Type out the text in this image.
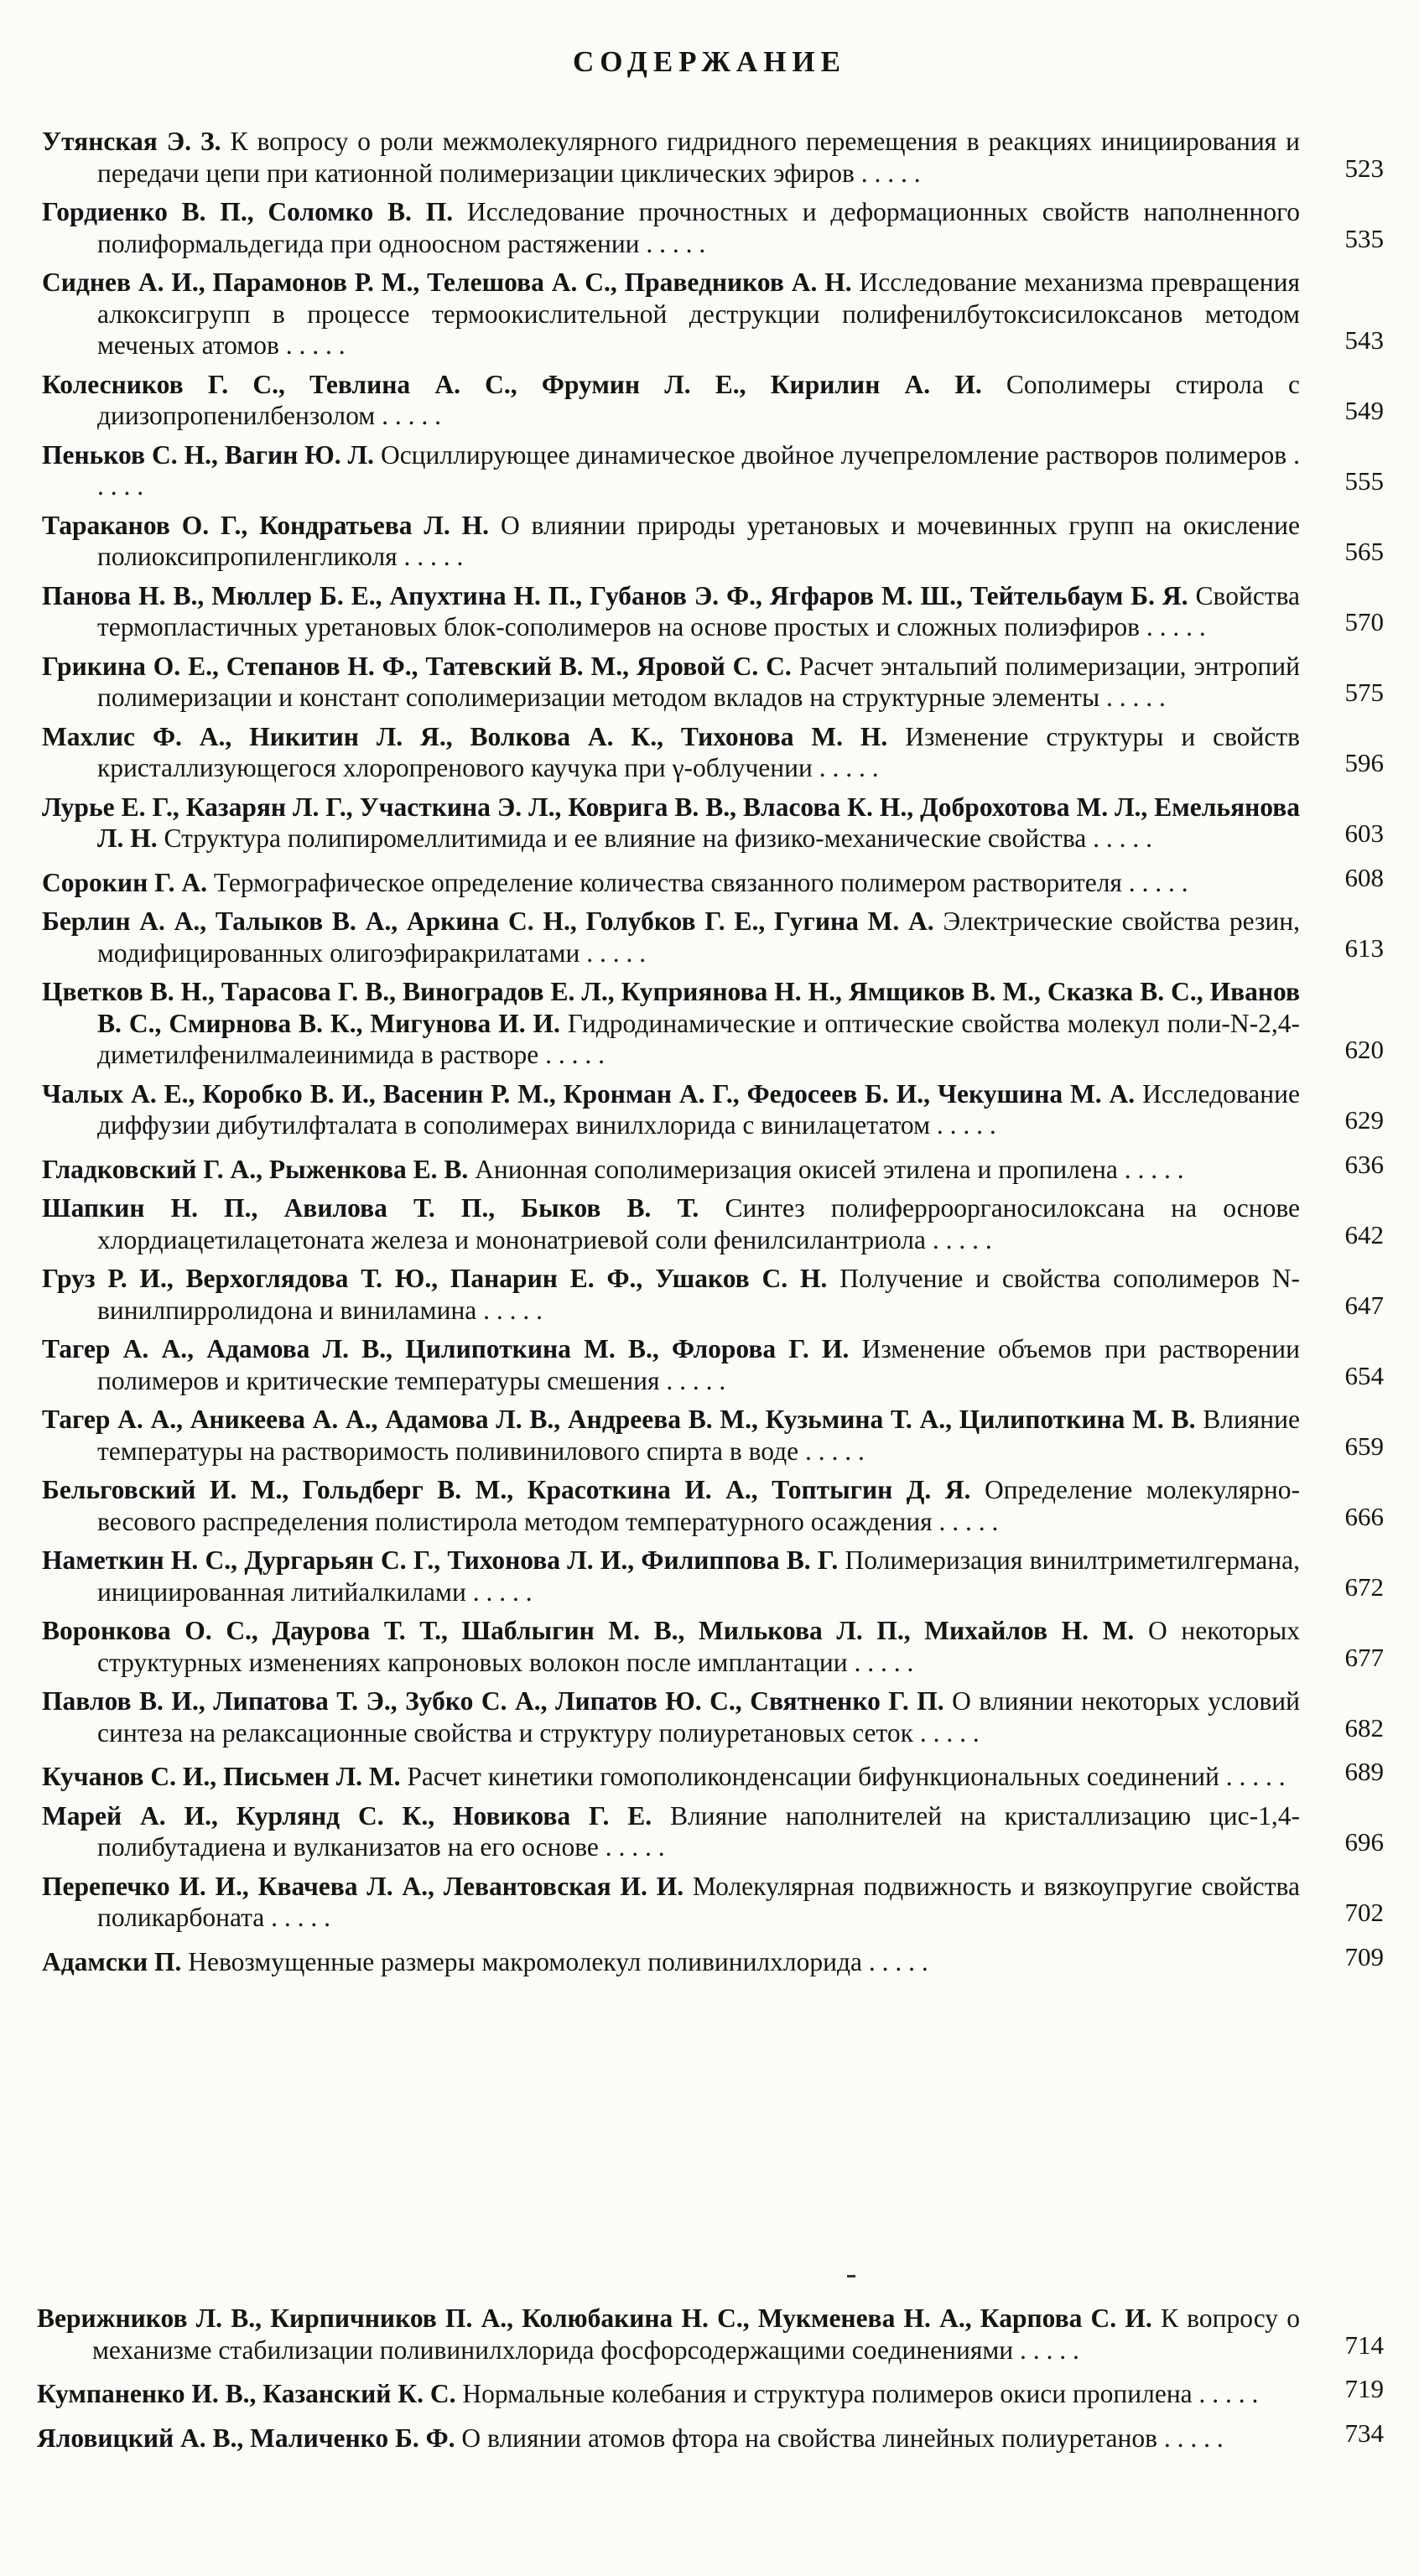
СОДЕРЖАНИЕ
Утянская Э. З. К вопросу о роли межмолекулярного гидридного перемещения в реакциях инициирования и передачи цепи при катионной полимеризации циклических эфиров . . . . .	523
Гордиенко В. П., Соломко В. П. Исследование прочностных и деформационных свойств наполненного полиформальдегида при одноосном растяжении . . . . .	535
Сиднев А. И., Парамонов Р. М., Телешова А. С., Праведников А. Н. Исследование механизма превращения алкоксигрупп в процессе термоокислительной деструкции полифенилбутоксисилоксанов методом меченых атомов . . . . .	543
Колесников Г. С., Тевлина А. С., Фрумин Л. Е., Кирилин А. И. Сополимеры стирола с диизопропенилбензолом . . . . .	549
Пеньков С. Н., Вагин Ю. Л. Осциллирующее динамическое двойное лучепреломление растворов полимеров . . . . .	555
Тараканов О. Г., Кондратьева Л. Н. О влиянии природы уретановых и мочевинных групп на окисление полиоксипропиленгликоля . . . . .	565
Панова Н. В., Мюллер Б. Е., Апухтина Н. П., Губанов Э. Ф., Ягфаров М. Ш., Тейтельбаум Б. Я. Свойства термопластичных уретановых блок-сополимеров на основе простых и сложных полиэфиров . . . . .	570
Грикина О. Е., Степанов Н. Ф., Татевский В. М., Яровой С. С. Расчет энтальпий полимеризации, энтропий полимеризации и констант сополимеризации методом вкладов на структурные элементы . . . . .	575
Махлис Ф. А., Никитин Л. Я., Волкова А. К., Тихонова М. Н. Изменение структуры и свойств кристаллизующегося хлоропренового каучука при γ-облучении . . . . .	596
Лурье Е. Г., Казарян Л. Г., Участкина Э. Л., Коврига В. В., Власова К. Н., Доброхотова М. Л., Емельянова Л. Н. Структура полипиромеллитимида и ее влияние на физико-механические свойства . . . . .	603
Сорокин Г. А. Термографическое определение количества связанного полимером растворителя . . . . .	608
Берлин А. А., Талыков В. А., Аркина С. Н., Голубков Г. Е., Гугина М. А. Электрические свойства резин, модифицированных олигоэфиракрилатами . . . . .	613
Цветков В. Н., Тарасова Г. В., Виноградов Е. Л., Куприянова Н. Н., Ямщиков В. М., Сказка В. С., Иванов В. С., Смирнова В. К., Мигунова И. И. Гидродинамические и оптические свойства молекул поли-N-2,4-диметилфенилмалеинимида в растворе . . . . .	620
Чалых А. Е., Коробко В. И., Васенин Р. М., Кронман А. Г., Федосеев Б. И., Чекушина М. А. Исследование диффузии дибутилфталата в сополимерах винилхлорида с винилацетатом . . . . .	629
Гладковский Г. А., Рыженкова Е. В. Анионная сополимеризация окисей этилена и пропилена . . . . .	636
Шапкин Н. П., Авилова Т. П., Быков В. Т. Синтез полиферроорганосилоксана на основе хлордиацетилацетоната железа и мононатриевой соли фенилсилантриола . . . . .	642
Груз Р. И., Верхоглядова Т. Ю., Панарин Е. Ф., Ушаков С. Н. Получение и свойства сополимеров N-винилпирролидона и виниламина . . . . .	647
Тагер А. А., Адамова Л. В., Цилипоткина М. В., Флорова Г. И. Изменение объемов при растворении полимеров и критические температуры смешения . . . . .	654
Тагер А. А., Аникеева А. А., Адамова Л. В., Андреева В. М., Кузьмина Т. А., Цилипоткина М. В. Влияние температуры на растворимость поливинилового спирта в воде . . . . .	659
Бельговский И. М., Гольдберг В. М., Красоткина И. А., Топтыгин Д. Я. Определение молекулярно-весового распределения полистирола методом температурного осаждения . . . . .	666
Наметкин Н. С., Дургарьян С. Г., Тихонова Л. И., Филиппова В. Г. Полимеризация винилтриметилгермана, инициированная литийалкилами . . . . .	672
Воронкова О. С., Даурова Т. Т., Шаблыгин М. В., Милькова Л. П., Михайлов Н. М. О некоторых структурных изменениях капроновых волокон после имплантации . . . . .	677
Павлов В. И., Липатова Т. Э., Зубко С. А., Липатов Ю. С., Святненко Г. П. О влиянии некоторых условий синтеза на релаксационные свойства и структуру полиуретановых сеток . . . . .	682
Кучанов С. И., Письмен Л. М. Расчет кинетики гомополиконденсации бифункциональных соединений . . . . .	689
Марей А. И., Курлянд С. К., Новикова Г. Е. Влияние наполнителей на кристаллизацию цис-1,4-полибутадиена и вулканизатов на его основе . . . . .	696
Перепечко И. И., Квачева Л. А., Левантовская И. И. Молекулярная подвижность и вязкоупругие свойства поликарбоната . . . . .	702
Адамски П. Невозмущенные размеры макромолекул поливинилхлорида . . . . .	709
Верижников Л. В., Кирпичников П. А., Колюбакина Н. С., Мукменева Н. А., Карпова С. И. К вопросу о механизме стабилизации поливинилхлорида фосфорсодержащими соединениями . . . . .	714
Кумпаненко И. В., Казанский К. С. Нормальные колебания и структура полимеров окиси пропилена . . . . .	719
Яловицкий А. В., Маличенко Б. Ф. О влиянии атомов фтора на свойства линейных полиуретанов . . . . .	734
